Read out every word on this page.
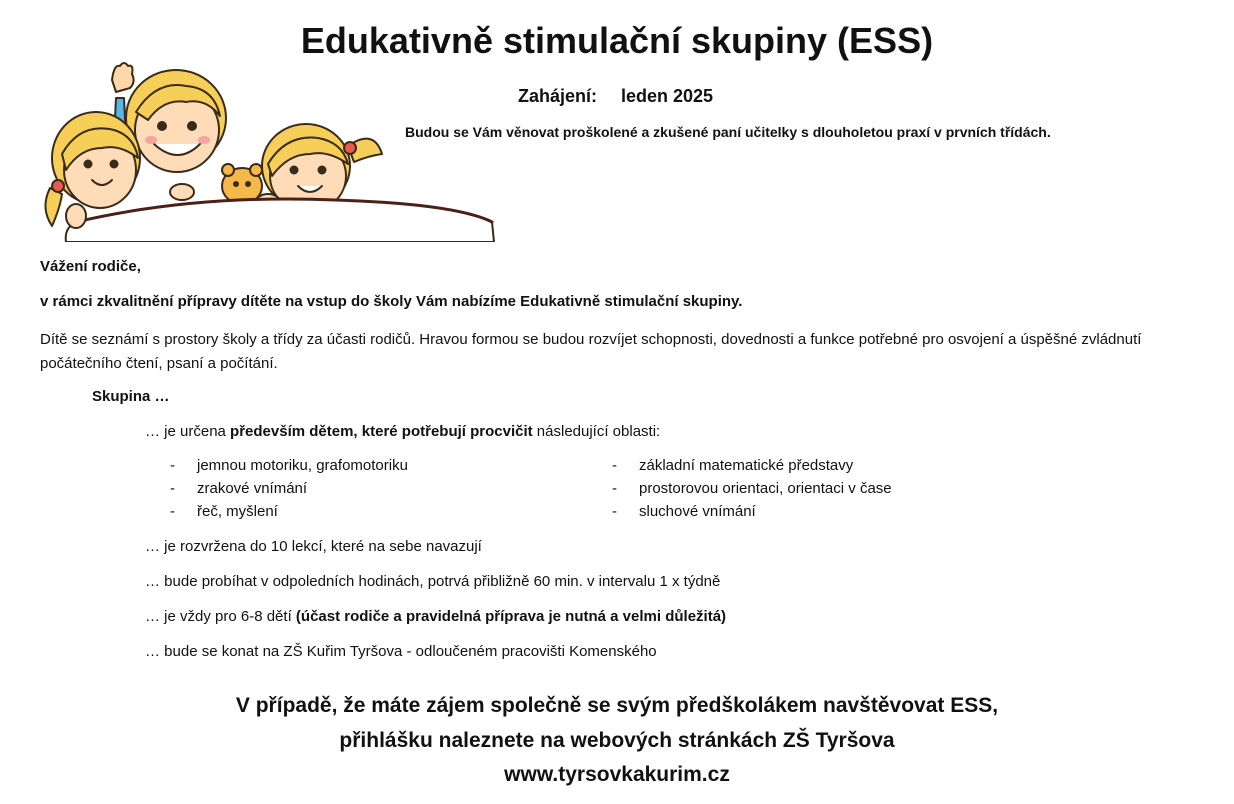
Edukativně stimulační skupiny (ESS)
Zahájení: leden 2025
Budou se Vám věnovat proškolené a zkušené paní učitelky s dlouholetou praxí v prvních třídách.
Vážení rodiče,
v rámci zkvalitnění přípravy dítěte na vstup do školy Vám nabízíme Edukativně stimulační skupiny.
Dítě se seznámí s prostory školy a třídy za účasti rodičů. Hravou formou se budou rozvíjet schopnosti, dovednosti a funkce potřebné pro osvojení a úspěšné zvládnutí počátečního čtení, psaní a počítání.
Skupina …
… je určena především dětem, které potřebují procvičit následující oblasti:
- jemnou motoriku, grafomotoriku
- zrakové vnímání
- řeč, myšlení
- základní matematické představy
- prostorovou orientaci, orientaci v čase
- sluchové vnímání
… je rozvržena do 10 lekcí, které na sebe navazují
… bude probíhat v odpoledních hodinách, potrvá přibližně 60 min. v intervalu 1 x týdně
… je vždy pro 6-8 dětí (účast rodiče a pravidelná příprava je nutná a velmi důležitá)
… bude se konat na ZŠ Kuřim Tyršova - odloučeném pracovišti Komenského
V případě, že máte zájem společně se svým předškolákem navštěvovat ESS,
přihlášku naleznete na webových stránkách ZŠ Tyršova
www.tyrsovkakurim.cz
